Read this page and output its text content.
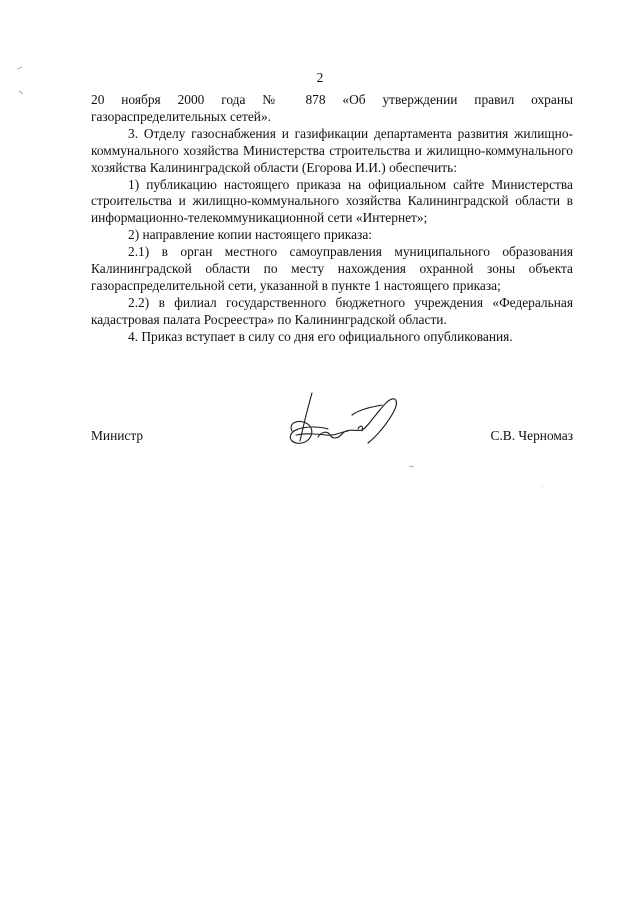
2

20 ноября 2000 года № 878 «Об утверждении правил охраны газораспределительных сетей».

3. Отделу газоснабжения и газификации департамента развития жилищно-коммунального хозяйства Министерства строительства и жилищно-коммунального хозяйства Калининградской области (Егорова И.И.) обеспечить:

1) публикацию настоящего приказа на официальном сайте Министерства строительства и жилищно-коммунального хозяйства Калининградской области в информационно-телекоммуникационной сети «Интернет»;

2) направление копии настоящего приказа:

2.1) в орган местного самоуправления муниципального образования Калининградской области по месту нахождения охранной зоны объекта газораспределительной сети, указанной в пункте 1 настоящего приказа;

2.2) в филиал государственного бюджетного учреждения «Федеральная кадастровая палата Росреестра» по Калининградской области.

4. Приказ вступает в силу со дня его официального опубликования.

Министр	С.В. Черномаз
